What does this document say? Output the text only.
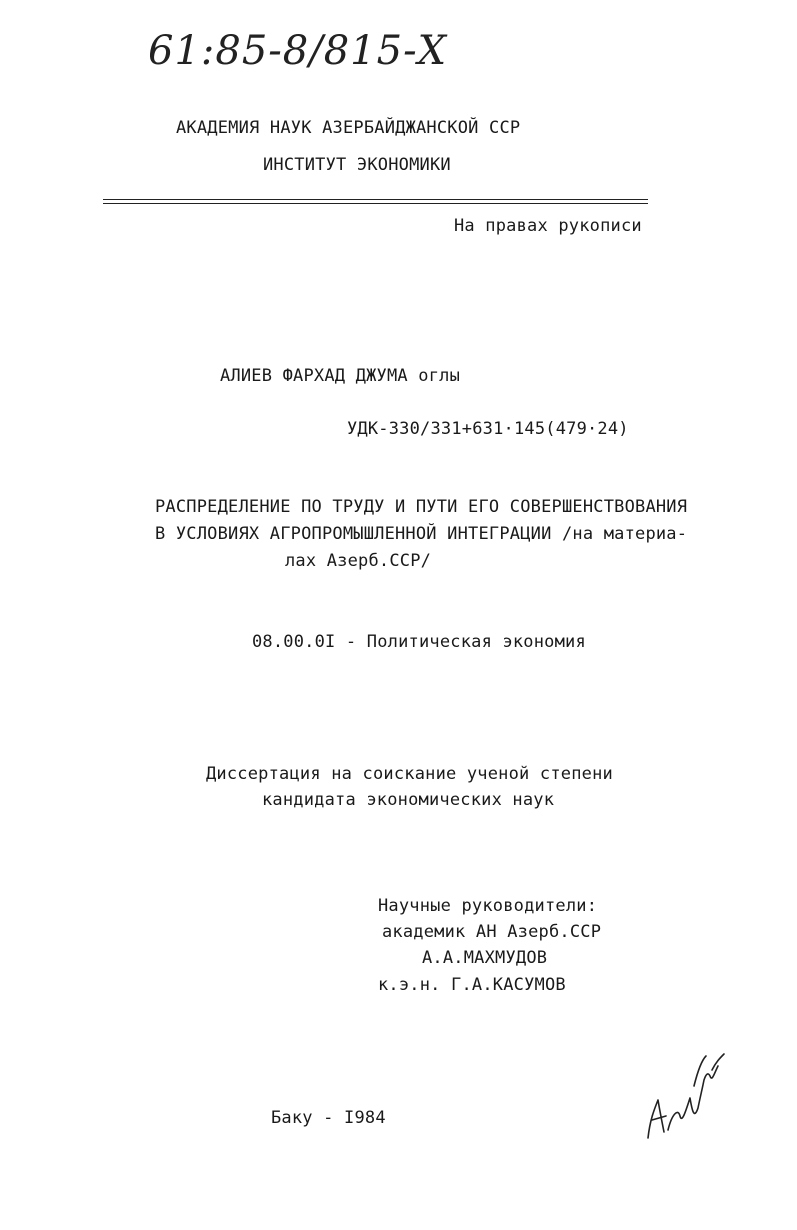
61:85-8/815-Х
АКАДЕМИЯ НАУК АЗЕРБАЙДЖАНСКОЙ ССР
ИНСТИТУТ ЭКОНОМИКИ
На правах рукописи
АЛИЕВ ФАРХАД ДЖУМА оглы
УДК-330/331+631·145(479·24)
РАСПРЕДЕЛЕНИЕ ПО ТРУДУ И ПУТИ ЕГО СОВЕРШЕНСТВОВАНИЯ
В УСЛОВИЯХ АГРОПРОМЫШЛЕННОЙ ИНТЕГРАЦИИ /на материа-
лах Азерб.ССР/
08.00.0I - Политическая экономия
Диссертация на соискание ученой степени
кандидата экономических наук
Научные руководители:
академик АН Азерб.ССР
А.А.МАХМУДОВ
к.э.н. Г.А.КАСУМОВ
Баку - I984
